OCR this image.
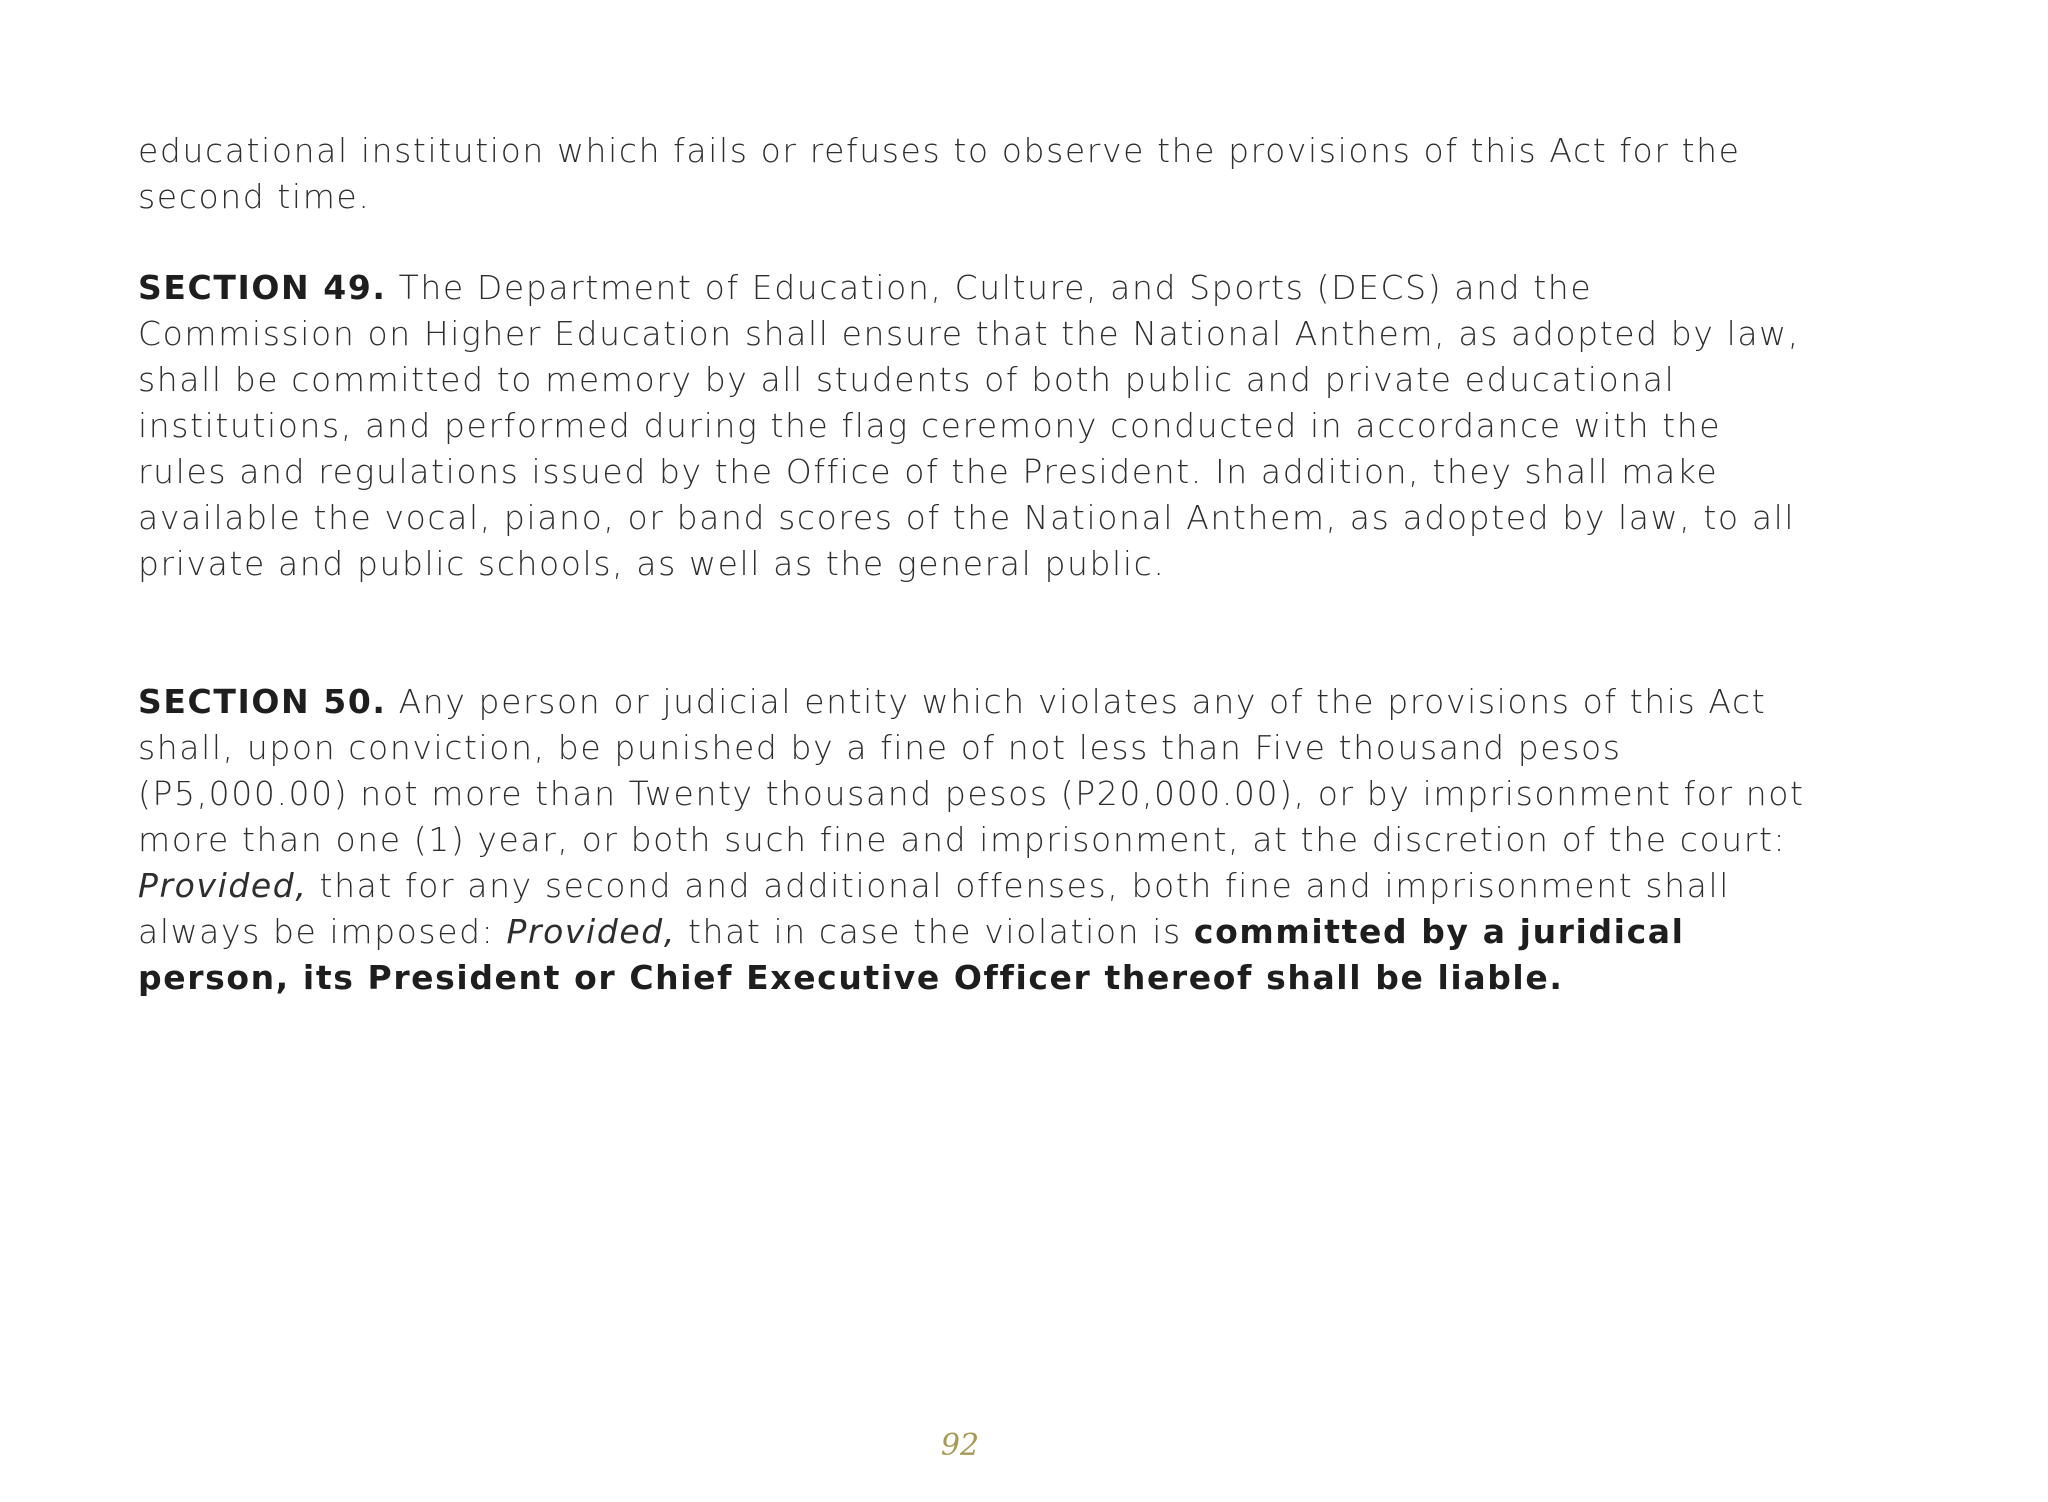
educational institution which fails or refuses to observe the provisions of this Act for the second time.

SECTION 49. The Department of Education, Culture, and Sports (DECS) and the Commission on Higher Education shall ensure that the National Anthem, as adopted by law, shall be committed to memory by all students of both public and private educational institutions, and performed during the flag ceremony conducted in accordance with the rules and regulations issued by the Office of the President. In addition, they shall make available the vocal, piano, or band scores of the National Anthem, as adopted by law, to all private and public schools, as well as the general public.

SECTION 50. Any person or judicial entity which violates any of the provisions of this Act shall, upon conviction, be punished by a fine of not less than Five thousand pesos (P5,000.00) not more than Twenty thousand pesos (P20,000.00), or by imprisonment for not more than one (1) year, or both such fine and imprisonment, at the discretion of the court: Provided, that for any second and additional offenses, both fine and imprisonment shall always be imposed: Provided, that in case the violation is committed by a juridical person, its President or Chief Executive Officer thereof shall be liable.

92
